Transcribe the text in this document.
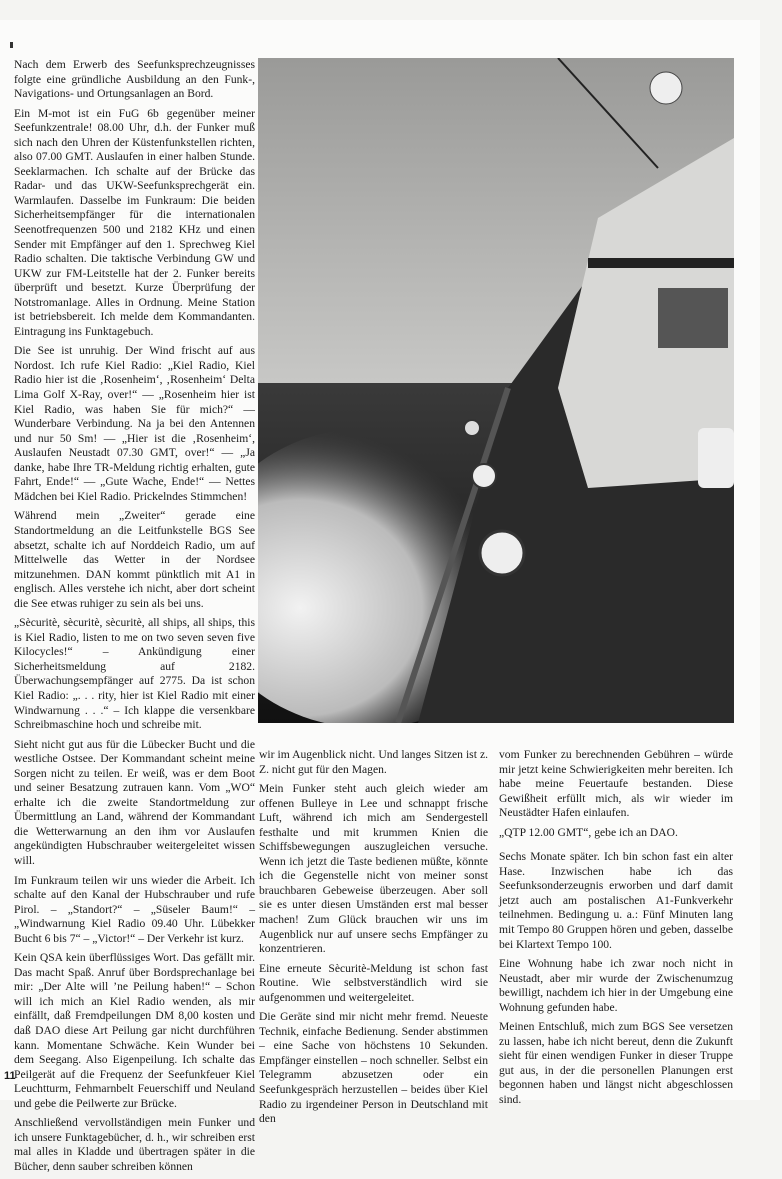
Nach dem Erwerb des Seefunksprechzeugnisses folgte eine gründliche Ausbildung an den Funk-, Navigations- und Ortungsanlagen an Bord.

Ein M-mot ist ein FuG 6b gegenüber meiner Seefunkzentrale! 08.00 Uhr, d.h. der Funker muß sich nach den Uhren der Küstenfunkstellen richten, also 07.00 GMT. Auslaufen in einer halben Stunde. Seeklarmachen. Ich schalte auf der Brücke das Radar- und das UKW-Seefunksprechgerät ein. Warmlaufen. Dasselbe im Funkraum: Die beiden Sicherheitsempfänger für die internationalen Seenotfrequenzen 500 und 2182 KHz und einen Sender mit Empfänger auf den 1. Sprechweg Kiel Radio schalten. Die taktische Verbindung GW und UKW zur FM-Leitstelle hat der 2. Funker bereits überprüft und besetzt. Kurze Überprüfung der Notstromanlage. Alles in Ordnung. Meine Station ist betriebsbereit. Ich melde dem Kommandanten. Eintragung ins Funktagebuch.

Die See ist unruhig. Der Wind frischt auf aus Nordost. Ich rufe Kiel Radio: „Kiel Radio, Kiel Radio hier ist die ‚Rosenheim‘, ‚Rosenheim‘ Delta Lima Golf X-Ray, over!“ — „Rosenheim hier ist Kiel Radio, was haben Sie für mich?“ — Wunderbare Verbindung. Na ja bei den Antennen und nur 50 Sm! — „Hier ist die ‚Rosenheim‘, Auslaufen Neustadt 07.30 GMT, over!“ — „Ja danke, habe Ihre TR-Meldung richtig erhalten, gute Fahrt, Ende!“ — „Gute Wache, Ende!“ — Nettes Mädchen bei Kiel Radio. Prickelndes Stimmchen!

Während mein „Zweiter“ gerade eine Standortmeldung an die Leitfunkstelle BGS See absetzt, schalte ich auf Norddeich Radio, um auf Mittelwelle das Wetter in der Nordsee mitzunehmen. DAN kommt pünktlich mit A1 in englisch. Alles verstehe ich nicht, aber dort scheint die See etwas ruhiger zu sein als bei uns.

„Sècuritè, sècuritè, sècuritè, all ships, all ships, this is Kiel Radio, listen to me on two seven seven five Kilocycles!“ – Ankündigung einer Sicherheitsmeldung auf 2182. Überwachungsempfänger auf 2775. Da ist schon Kiel Radio: „. . . rity, hier ist Kiel Radio mit einer Windwarnung . . .“ – Ich klappe die versenkbare Schreibmaschine hoch und schreibe mit.

Sieht nicht gut aus für die Lübecker Bucht und die westliche Ostsee. Der Kommandant scheint meine Sorgen nicht zu teilen. Er weiß, was er dem Boot und seiner Besatzung zutrauen kann. Vom „WO“ erhalte ich die zweite Standortmeldung zur Übermittlung an Land, während der Kommandant die Wetterwarnung an den ihm vor Auslaufen angekündigten Hubschrauber weitergeleitet wissen will.

Im Funkraum teilen wir uns wieder die Arbeit. Ich schalte auf den Kanal der Hubschrauber und rufe Pirol. – „Standort?“ – „Süseler Baum!“ – „Windwarnung Kiel Radio 09.40 Uhr. Lübekker Bucht 6 bis 7“ – „Victor!“ – Der Verkehr ist kurz.

Kein QSA kein überflüssiges Wort. Das gefällt mir. Das macht Spaß. Anruf über Bordsprechanlage bei mir: „Der Alte will ’ne Peilung haben!“ – Schon will ich mich an Kiel Radio wenden, als mir einfällt, daß Fremdpeilungen DM 8,00 kosten und daß DAO diese Art Peilung gar nicht durchführen kann. Momentane Schwäche. Kein Wunder bei dem Seegang. Also Eigenpeilung. Ich schalte das Peilgerät auf die Frequenz der Seefunkfeuer Kiel Leuchtturm, Fehmarnbelt Feuerschiff und Neuland und gebe die Peilwerte zur Brücke.

Anschließend vervollständigen mein Funker und ich unsere Funktagebücher, d. h., wir schreiben erst mal alles in Kladde und übertragen später in die Bücher, denn sauber schreiben können

wir im Augenblick nicht. Und langes Sitzen ist z. Z. nicht gut für den Magen.

Mein Funker steht auch gleich wieder am offenen Bulleye in Lee und schnappt frische Luft, während ich mich am Sendergestell festhalte und mit krummen Knien die Schiffsbewegungen auszugleichen versuche. Wenn ich jetzt die Taste bedienen müßte, könnte ich die Gegenstelle nicht von meiner sonst brauchbaren Gebeweise überzeugen. Aber soll sie es unter diesen Umständen erst mal besser machen! Zum Glück brauchen wir uns im Augenblick nur auf unsere sechs Empfänger zu konzentrieren.

Eine erneute Sècuritè-Meldung ist schon fast Routine. Wie selbstverständlich wird sie aufgenommen und weitergeleitet.

Die Geräte sind mir nicht mehr fremd. Neueste Technik, einfache Bedienung. Sender abstimmen – eine Sache von höchstens 10 Sekunden. Empfänger einstellen – noch schneller. Selbst ein Telegramm abzusetzen oder ein Seefunkgespräch herzustellen – beides über Kiel Radio zu irgendeiner Person in Deutschland mit den

vom Funker zu berechnenden Gebühren – würde mir jetzt keine Schwierigkeiten mehr bereiten. Ich habe meine Feuertaufe bestanden. Diese Gewißheit erfüllt mich, als wir wieder im Neustädter Hafen einlaufen.

„QTP 12.00 GMT“, gebe ich an DAO.

Sechs Monate später. Ich bin schon fast ein alter Hase. Inzwischen habe ich das Seefunksonderzeugnis erworben und darf damit jetzt auch am postalischen A1-Funkverkehr teilnehmen. Bedingung u. a.: Fünf Minuten lang mit Tempo 80 Gruppen hören und geben, dasselbe bei Klartext Tempo 100.

Eine Wohnung habe ich zwar noch nicht in Neustadt, aber mir wurde der Zwischenumzug bewilligt, nachdem ich hier in der Umgebung eine Wohnung gefunden habe.

Meinen Entschluß, mich zum BGS See versetzen zu lassen, habe ich nicht bereut, denn die Zukunft sieht für einen wendigen Funker in dieser Truppe gut aus, in der die personellen Planungen erst begonnen haben und längst nicht abgeschlossen sind.

11
